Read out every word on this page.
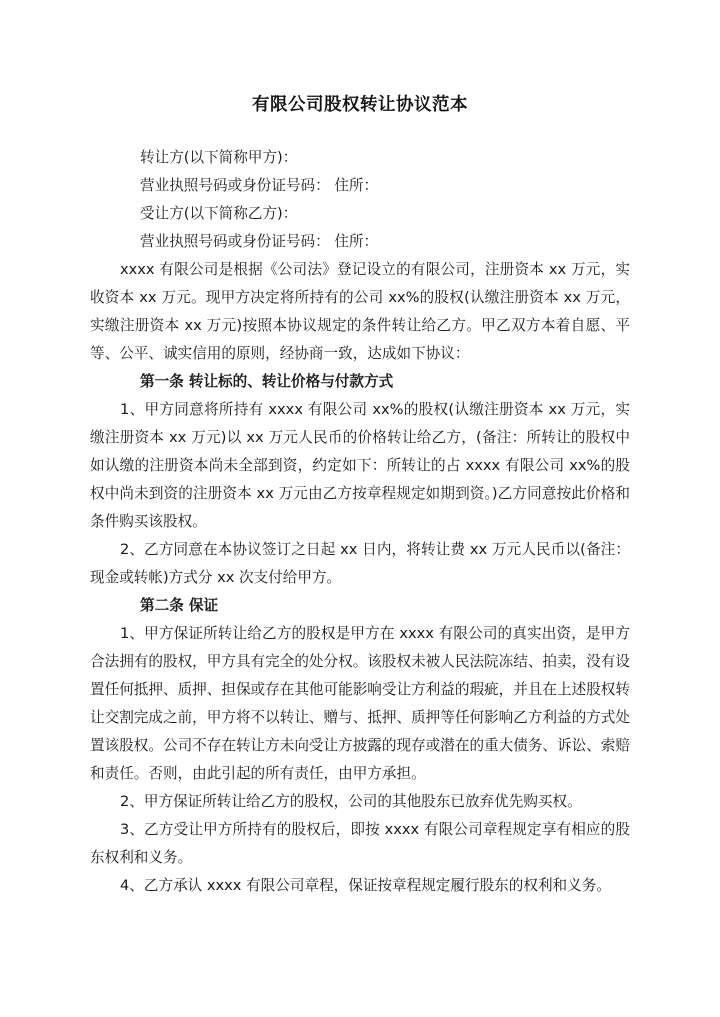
有限公司股权转让协议范本

转让方(以下简称甲方)：

营业执照号码或身份证号码： 住所：

受让方(以下简称乙方)：

营业执照号码或身份证号码： 住所：

xxxx 有限公司是根据《公司法》登记设立的有限公司，注册资本 xx 万元，实收资本 xx 万元。现甲方决定将所持有的公司 xx%的股权(认缴注册资本 xx 万元，实缴注册资本 xx 万元)按照本协议规定的条件转让给乙方。甲乙双方本着自愿、平等、公平、诚实信用的原则，经协商一致，达成如下协议：

第一条 转让标的、转让价格与付款方式

1、甲方同意将所持有 xxxx 有限公司 xx%的股权(认缴注册资本 xx 万元，实缴注册资本 xx 万元)以 xx 万元人民币的价格转让给乙方，(备注：所转让的股权中如认缴的注册资本尚未全部到资，约定如下：所转让的占 xxxx 有限公司 xx%的股权中尚未到资的注册资本 xx 万元由乙方按章程规定如期到资。)乙方同意按此价格和条件购买该股权。

2、乙方同意在本协议签订之日起 xx 日内，将转让费 xx 万元人民币以(备注：现金或转帐)方式分 xx 次支付给甲方。

第二条 保证

1、甲方保证所转让给乙方的股权是甲方在 xxxx 有限公司的真实出资，是甲方合法拥有的股权，甲方具有完全的处分权。该股权未被人民法院冻结、拍卖，没有设置任何抵押、质押、担保或存在其他可能影响受让方利益的瑕疵，并且在上述股权转让交割完成之前，甲方将不以转让、赠与、抵押、质押等任何影响乙方利益的方式处置该股权。公司不存在转让方未向受让方披露的现存或潜在的重大债务、诉讼、索赔和责任。否则，由此引起的所有责任，由甲方承担。

2、甲方保证所转让给乙方的股权，公司的其他股东已放弃优先购买权。

3、乙方受让甲方所持有的股权后，即按 xxxx 有限公司章程规定享有相应的股东权利和义务。

4、乙方承认 xxxx 有限公司章程，保证按章程规定履行股东的权利和义务。
